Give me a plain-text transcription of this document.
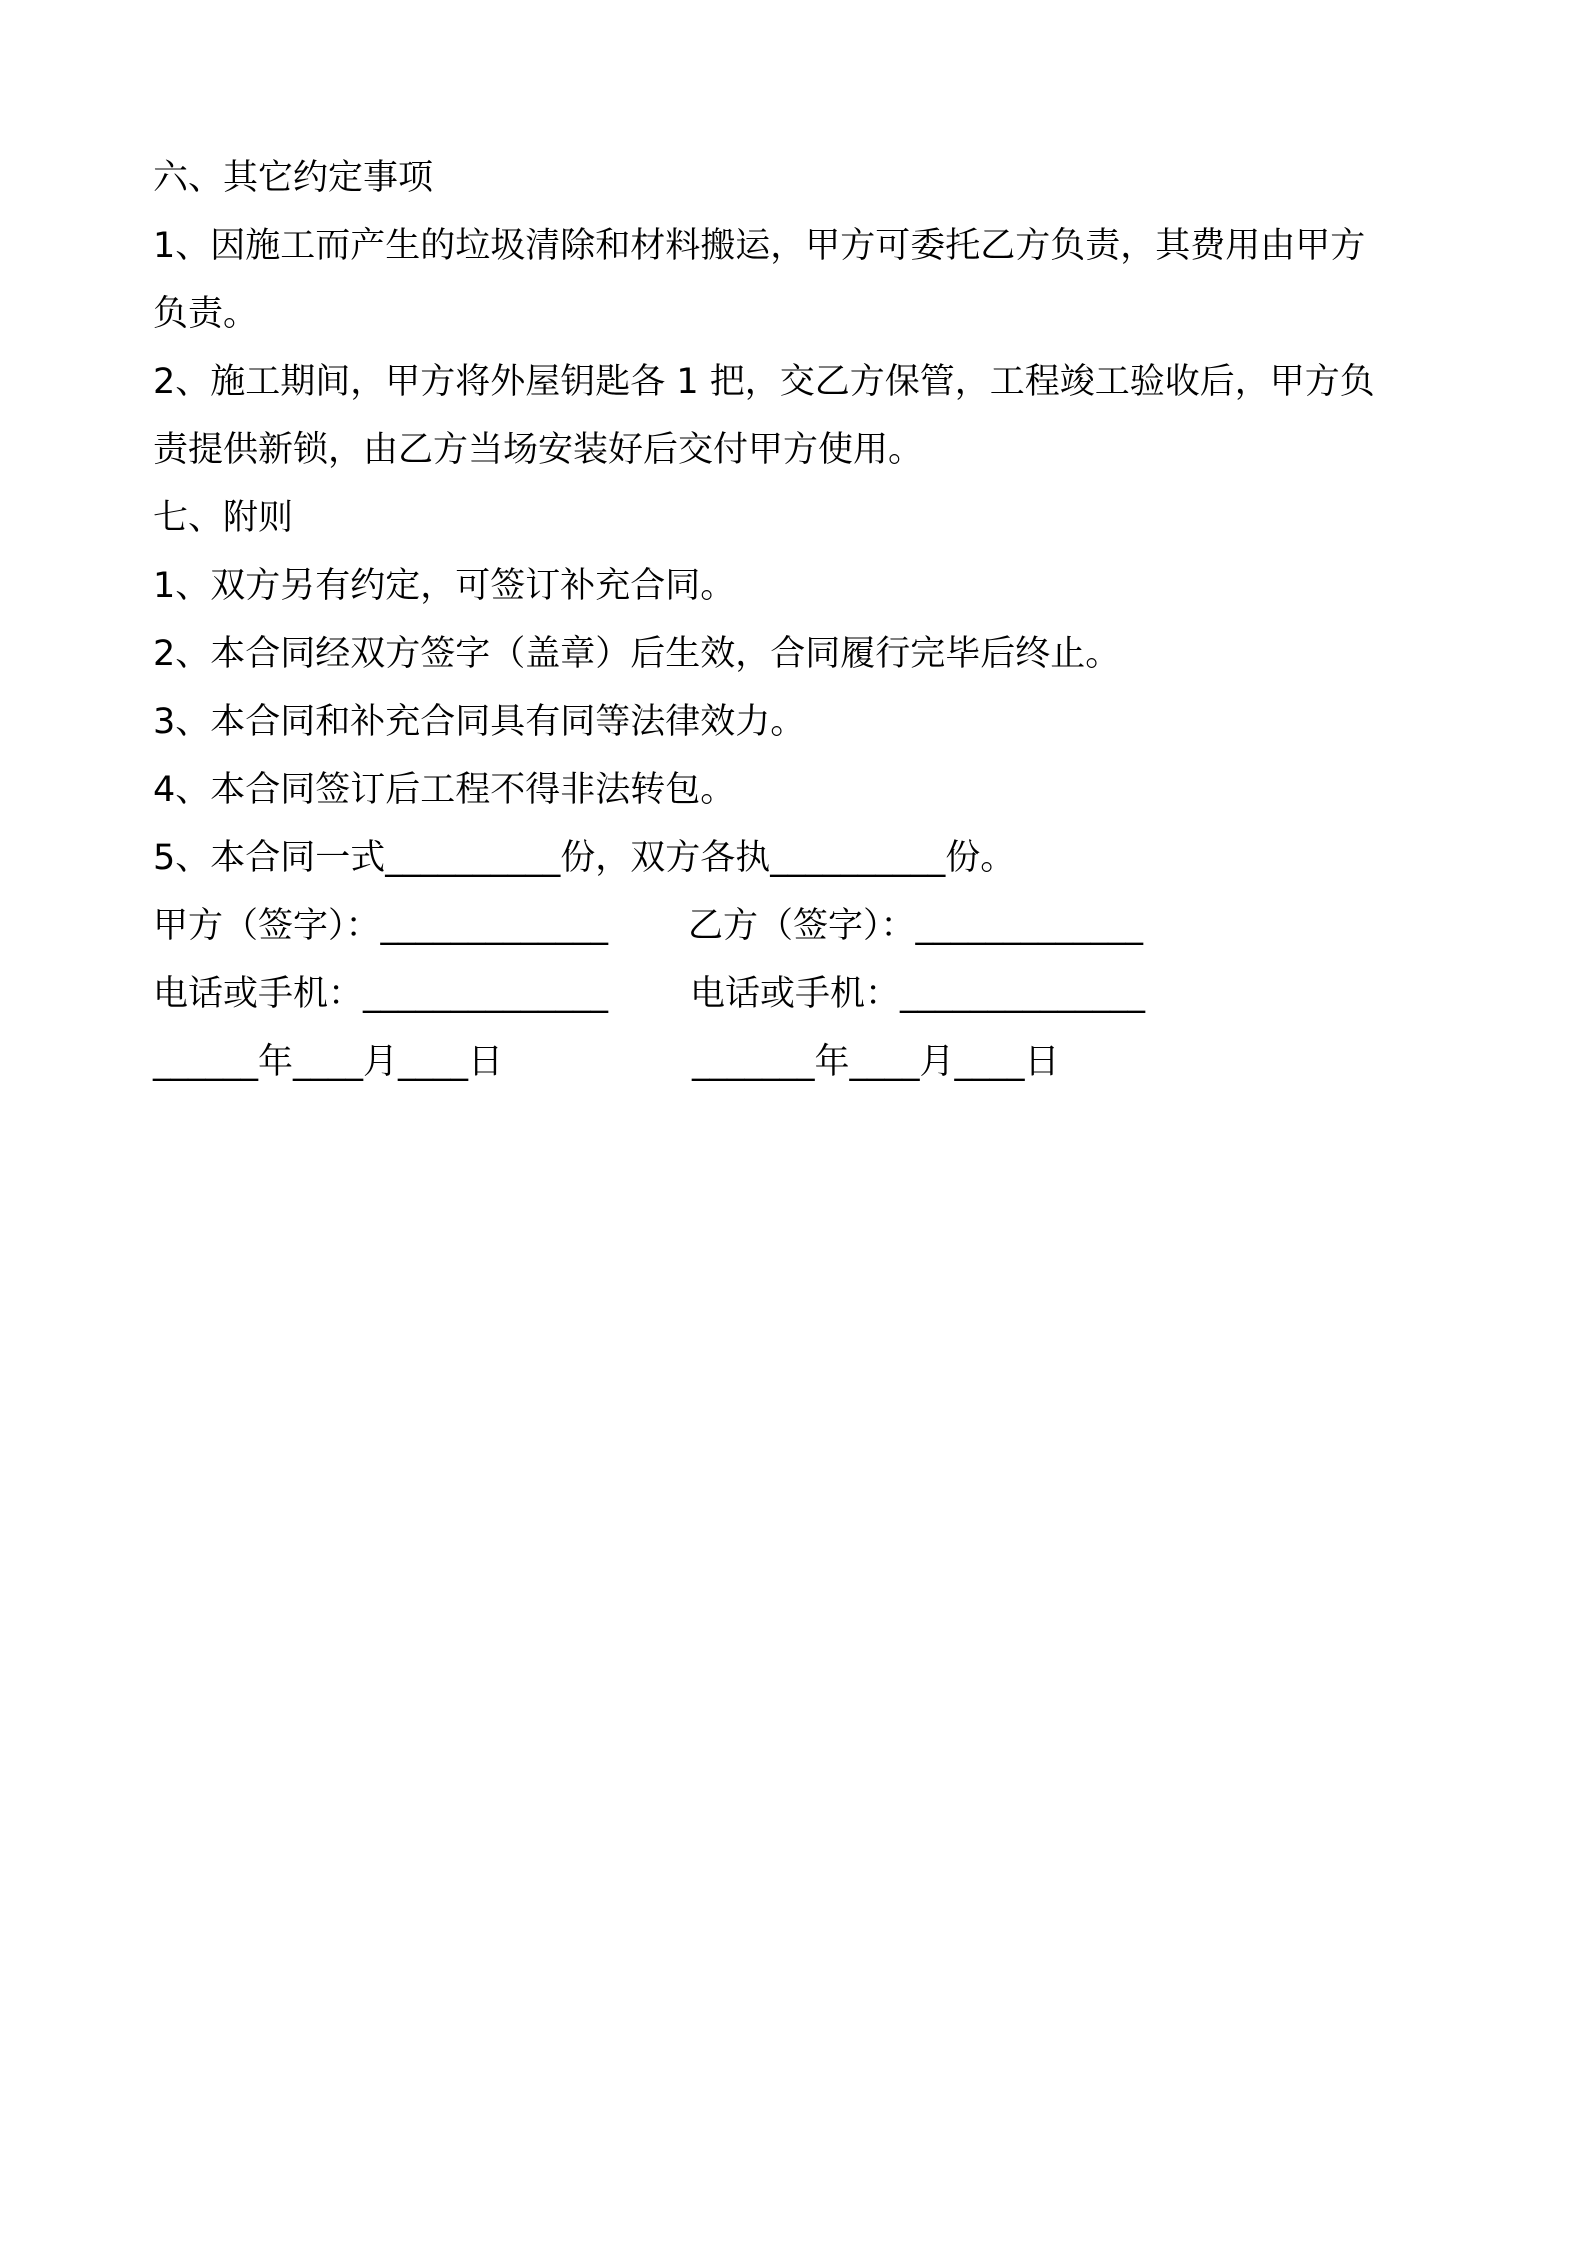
六、其它约定事项
1、因施工而产生的垃圾清除和材料搬运，甲方可委托乙方负责，其费用由甲方
负责。
2、施工期间，甲方将外屋钥匙各 1 把，交乙方保管，工程竣工验收后，甲方负
责提供新锁，由乙方当场安装好后交付甲方使用。
七、附则
1、双方另有约定，可签订补充合同。
2、本合同经双方签字（盖章）后生效，合同履行完毕后终止。
3、本合同和补充合同具有同等法律效力。
4、本合同签订后工程不得非法转包。
5、本合同一式__________份，双方各执__________份。
甲方（签字）：_____________ 乙方（签字）：_____________
电话或手机：______________ 电话或手机：______________
______年____月____日	_______年____月____日
